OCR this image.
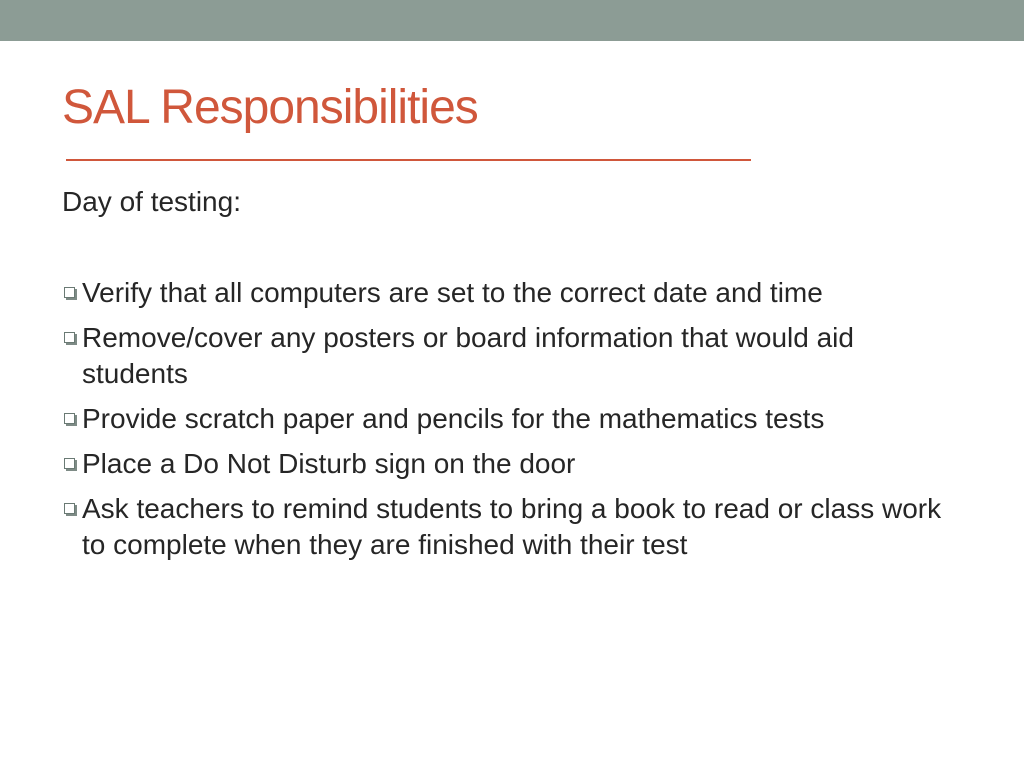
SAL Responsibilities
Day of testing:
Verify that all computers are set to the correct date and time
Remove/cover any posters or board information that would aid students
Provide scratch paper and pencils for the mathematics tests
Place a Do Not Disturb sign on the door
Ask teachers to remind students to bring a book to read or class work to complete when they are finished with their test
